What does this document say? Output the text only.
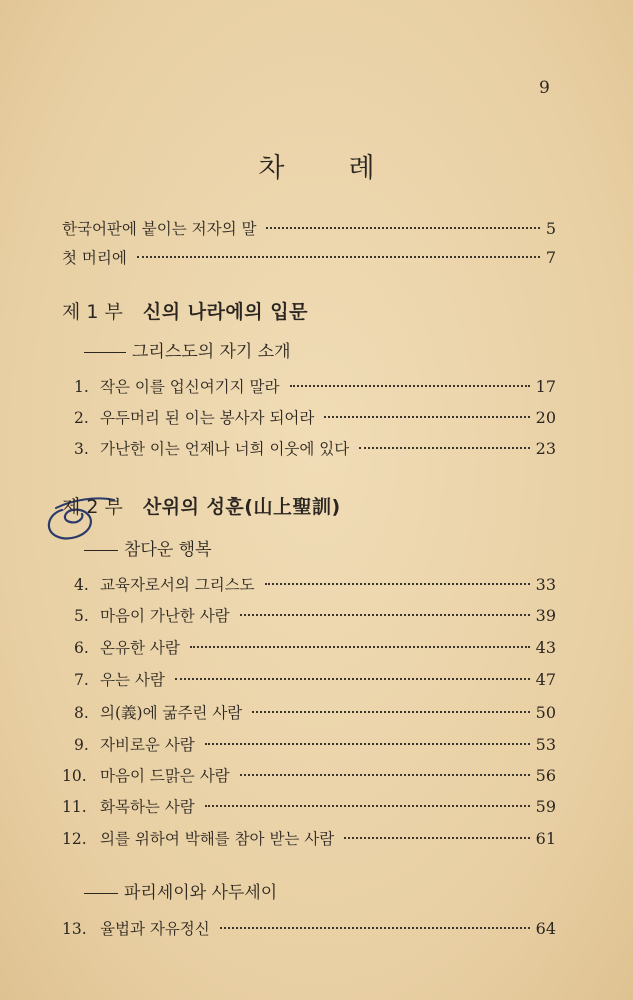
9
차 례
한국어판에 붙이는 저자의 말	5
첫 머리에	7
제 1 부 신의 나라에의 입문
그리스도의 자기 소개
1. 작은 이를 업신여기지 말라	17
2. 우두머리 된 이는 봉사자 되어라	20
3. 가난한 이는 언제나 너희 이웃에 있다	23
제 2 부 산위의 성훈(山上聖訓)
참다운 행복
4. 교육자로서의 그리스도	33
5. 마음이 가난한 사람	39
6. 온유한 사람	43
7. 우는 사람	47
8. 의(義)에 굶주린 사람	50
9. 자비로운 사람	53
10. 마음이 드맑은 사람	56
11. 화목하는 사람	59
12. 의를 위하여 박해를 참아 받는 사람	61
파리세이와 사두세이
13. 율법과 자유정신	64
